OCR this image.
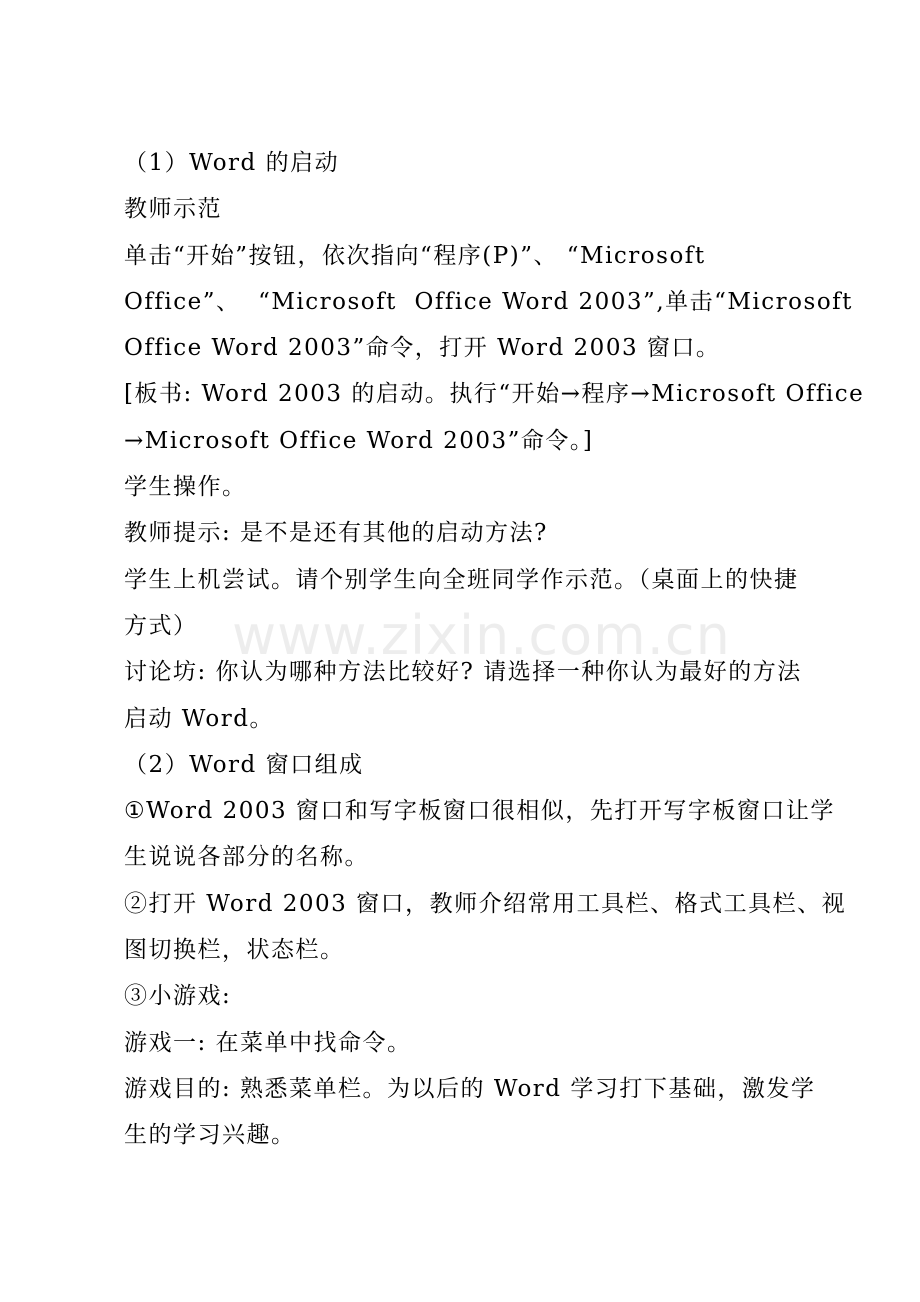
（1）Word 的启动

教师示范

单击“开始”按钮，依次指向“程序(P)”、 “Microsoft

Office”、  “Microsoft  Office Word 2003”,单击“Microsoft

Office Word 2003”命令，打开 Word 2003 窗口。

[板书: Word 2003 的启动。执行“开始→程序→Microsoft Office

→Microsoft Office Word 2003”命令。]

学生操作。

教师提示: 是不是还有其他的启动方法?

学生上机尝试。请个别学生向全班同学作示范。（桌面上的快捷

方式）

讨论坊: 你认为哪种方法比较好? 请选择一种你认为最好的方法

启动 Word。

（2）Word 窗口组成

①Word 2003 窗口和写字板窗口很相似，先打开写字板窗口让学

生说说各部分的名称。

②打开 Word 2003 窗口，教师介绍常用工具栏、格式工具栏、视

图切换栏，状态栏。

③小游戏:

游戏一: 在菜单中找命令。

游戏目的: 熟悉菜单栏。为以后的 Word 学习打下基础，激发学

生的学习兴趣。

www.zixin.com.cn
